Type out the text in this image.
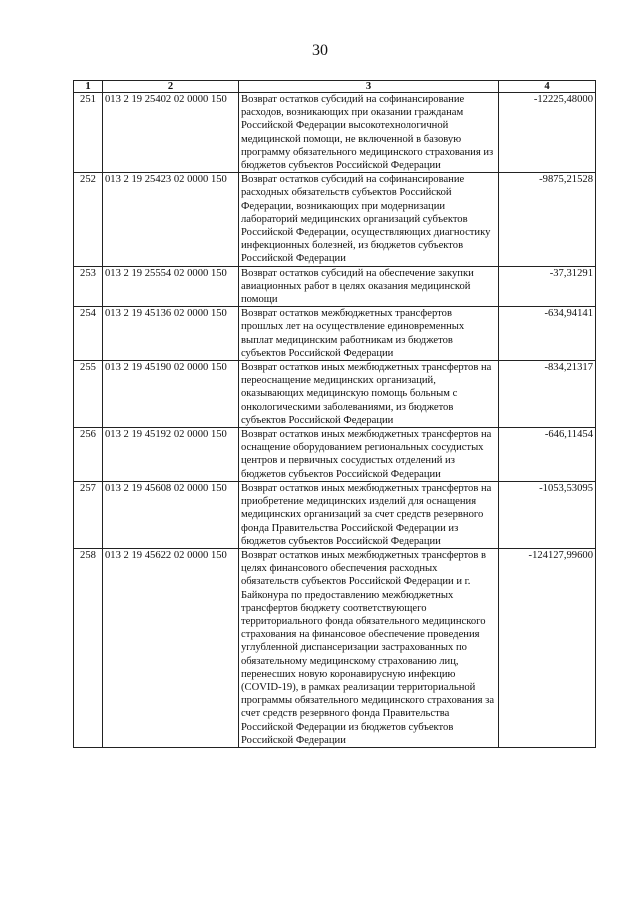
30
1	2	3	4
251	013 2 19 25402 02 0000 150	Возврат остатков субсидий на софинансирование расходов, возникающих при оказании гражданам Российской Федерации высокотехнологичной медицинской помощи, не включенной в базовую программу обязательного медицинского страхования из бюджетов субъектов Российской Федерации	-12225,48000
252	013 2 19 25423 02 0000 150	Возврат остатков субсидий на софинансирование расходных обязательств субъектов Российской Федерации, возникающих при модернизации лабораторий медицинских организаций субъектов Российской Федерации, осуществляющих диагностику инфекционных болезней, из бюджетов субъектов Российской Федерации	-9875,21528
253	013 2 19 25554 02 0000 150	Возврат остатков субсидий на обеспечение закупки авиационных работ в целях оказания медицинской помощи	-37,31291
254	013 2 19 45136 02 0000 150	Возврат остатков межбюджетных трансфертов прошлых лет на осуществление единовременных выплат медицинским работникам из бюджетов субъектов Российской Федерации	-634,94141
255	013 2 19 45190 02 0000 150	Возврат остатков иных межбюджетных трансфертов на переоснащение медицинских организаций, оказывающих медицинскую помощь больным с онкологическими заболеваниями, из бюджетов субъектов Российской Федерации	-834,21317
256	013 2 19 45192 02 0000 150	Возврат остатков иных межбюджетных трансфертов на оснащение оборудованием региональных сосудистых центров и первичных сосудистых отделений из бюджетов субъектов Российской Федерации	-646,11454
257	013 2 19 45608 02 0000 150	Возврат остатков иных межбюджетных трансфертов на приобретение медицинских изделий для оснащения медицинских организаций за счет средств резервного фонда Правительства Российской Федерации из бюджетов субъектов Российской Федерации	-1053,53095
258	013 2 19 45622 02 0000 150	Возврат остатков иных межбюджетных трансфертов в целях финансового обеспечения расходных обязательств субъектов Российской Федерации и г. Байконура по предоставлению межбюджетных трансфертов бюджету соответствующего территориального фонда обязательного медицинского страхования на финансовое обеспечение проведения углубленной диспансеризации застрахованных по обязательному медицинскому страхованию лиц, перенесших новую коронавирусную инфекцию (COVID-19), в рамках реализации территориальной программы обязательного медицинского страхования за счет средств резервного фонда Правительства Российской Федерации из бюджетов субъектов Российской Федерации	-124127,99600
